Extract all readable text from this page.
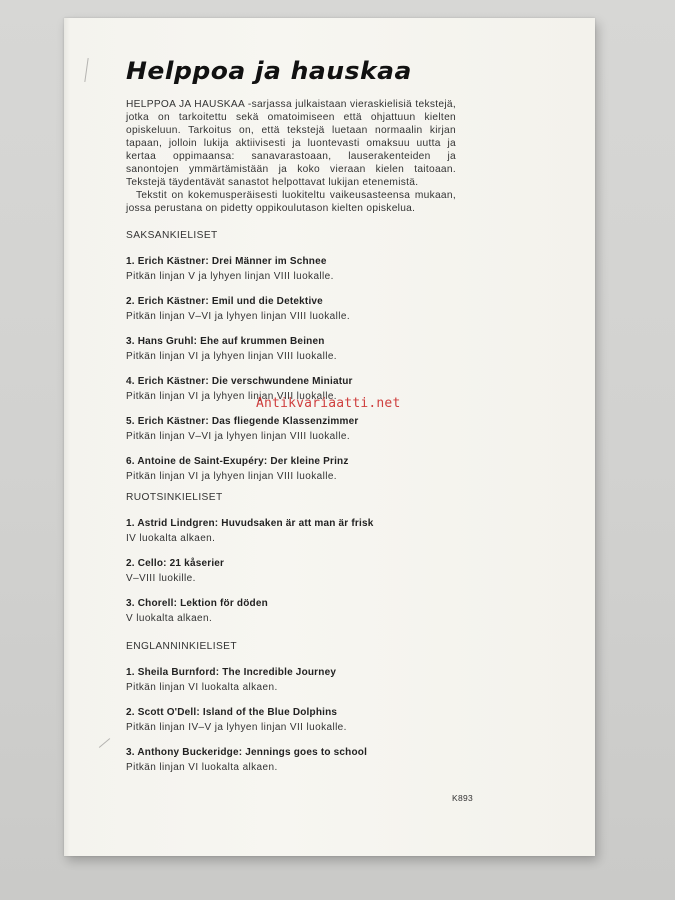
Helppoa ja hauskaa

HELPPOA JA HAUSKAA -sarjassa julkaistaan vieraskielisiä tekstejä, jotka on tarkoitettu sekä omatoimiseen että ohjattuun kielten opiskeluun. Tarkoitus on, että tekstejä luetaan normaalin kirjan tapaan, jolloin lukija aktiivisesti ja luontevasti omaksuu uutta ja kertaa oppimaansa: sanavarastoaan, lauserakenteiden ja sanontojen ymmärtämistään ja koko vieraan kielen taitoaan. Tekstejä täydentävät sanastot helpottavat lukijan etenemistä.

Tekstit on kokemusperäisesti luokiteltu vaikeusasteensa mukaan, jossa perustana on pidetty oppikoulutason kielten opiskelua.

SAKSANKIELISET
1. Erich Kästner: Drei Männer im Schnee
Pitkän linjan V ja lyhyen linjan VIII luokalle.
2. Erich Kästner: Emil und die Detektive
Pitkän linjan V–VI ja lyhyen linjan VIII luokalle.
3. Hans Gruhl: Ehe auf krummen Beinen
Pitkän linjan VI ja lyhyen linjan VIII luokalle.
4. Erich Kästner: Die verschwundene Miniatur
Pitkän linjan VI ja lyhyen linjan VIII luokalle.
5. Erich Kästner: Das fliegende Klassenzimmer
Pitkän linjan V–VI ja lyhyen linjan VIII luokalle.
6. Antoine de Saint-Exupéry: Der kleine Prinz
Pitkän linjan VI ja lyhyen linjan VIII luokalle.
RUOTSINKIELISET
1. Astrid Lindgren: Huvudsaken är att man är frisk
IV luokalta alkaen.
2. Cello: 21 kåserier
V–VIII luokille.
3. Chorell: Lektion för döden
V luokalta alkaen.
ENGLANNINKIELISET
1. Sheila Burnford: The Incredible Journey
Pitkän linjan VI luokalta alkaen.
2. Scott O'Dell: Island of the Blue Dolphins
Pitkän linjan IV–V ja lyhyen linjan VII luokalle.
3. Anthony Buckeridge: Jennings goes to school
Pitkän linjan VI luokalta alkaen.
K893
Antikvariaatti.net
